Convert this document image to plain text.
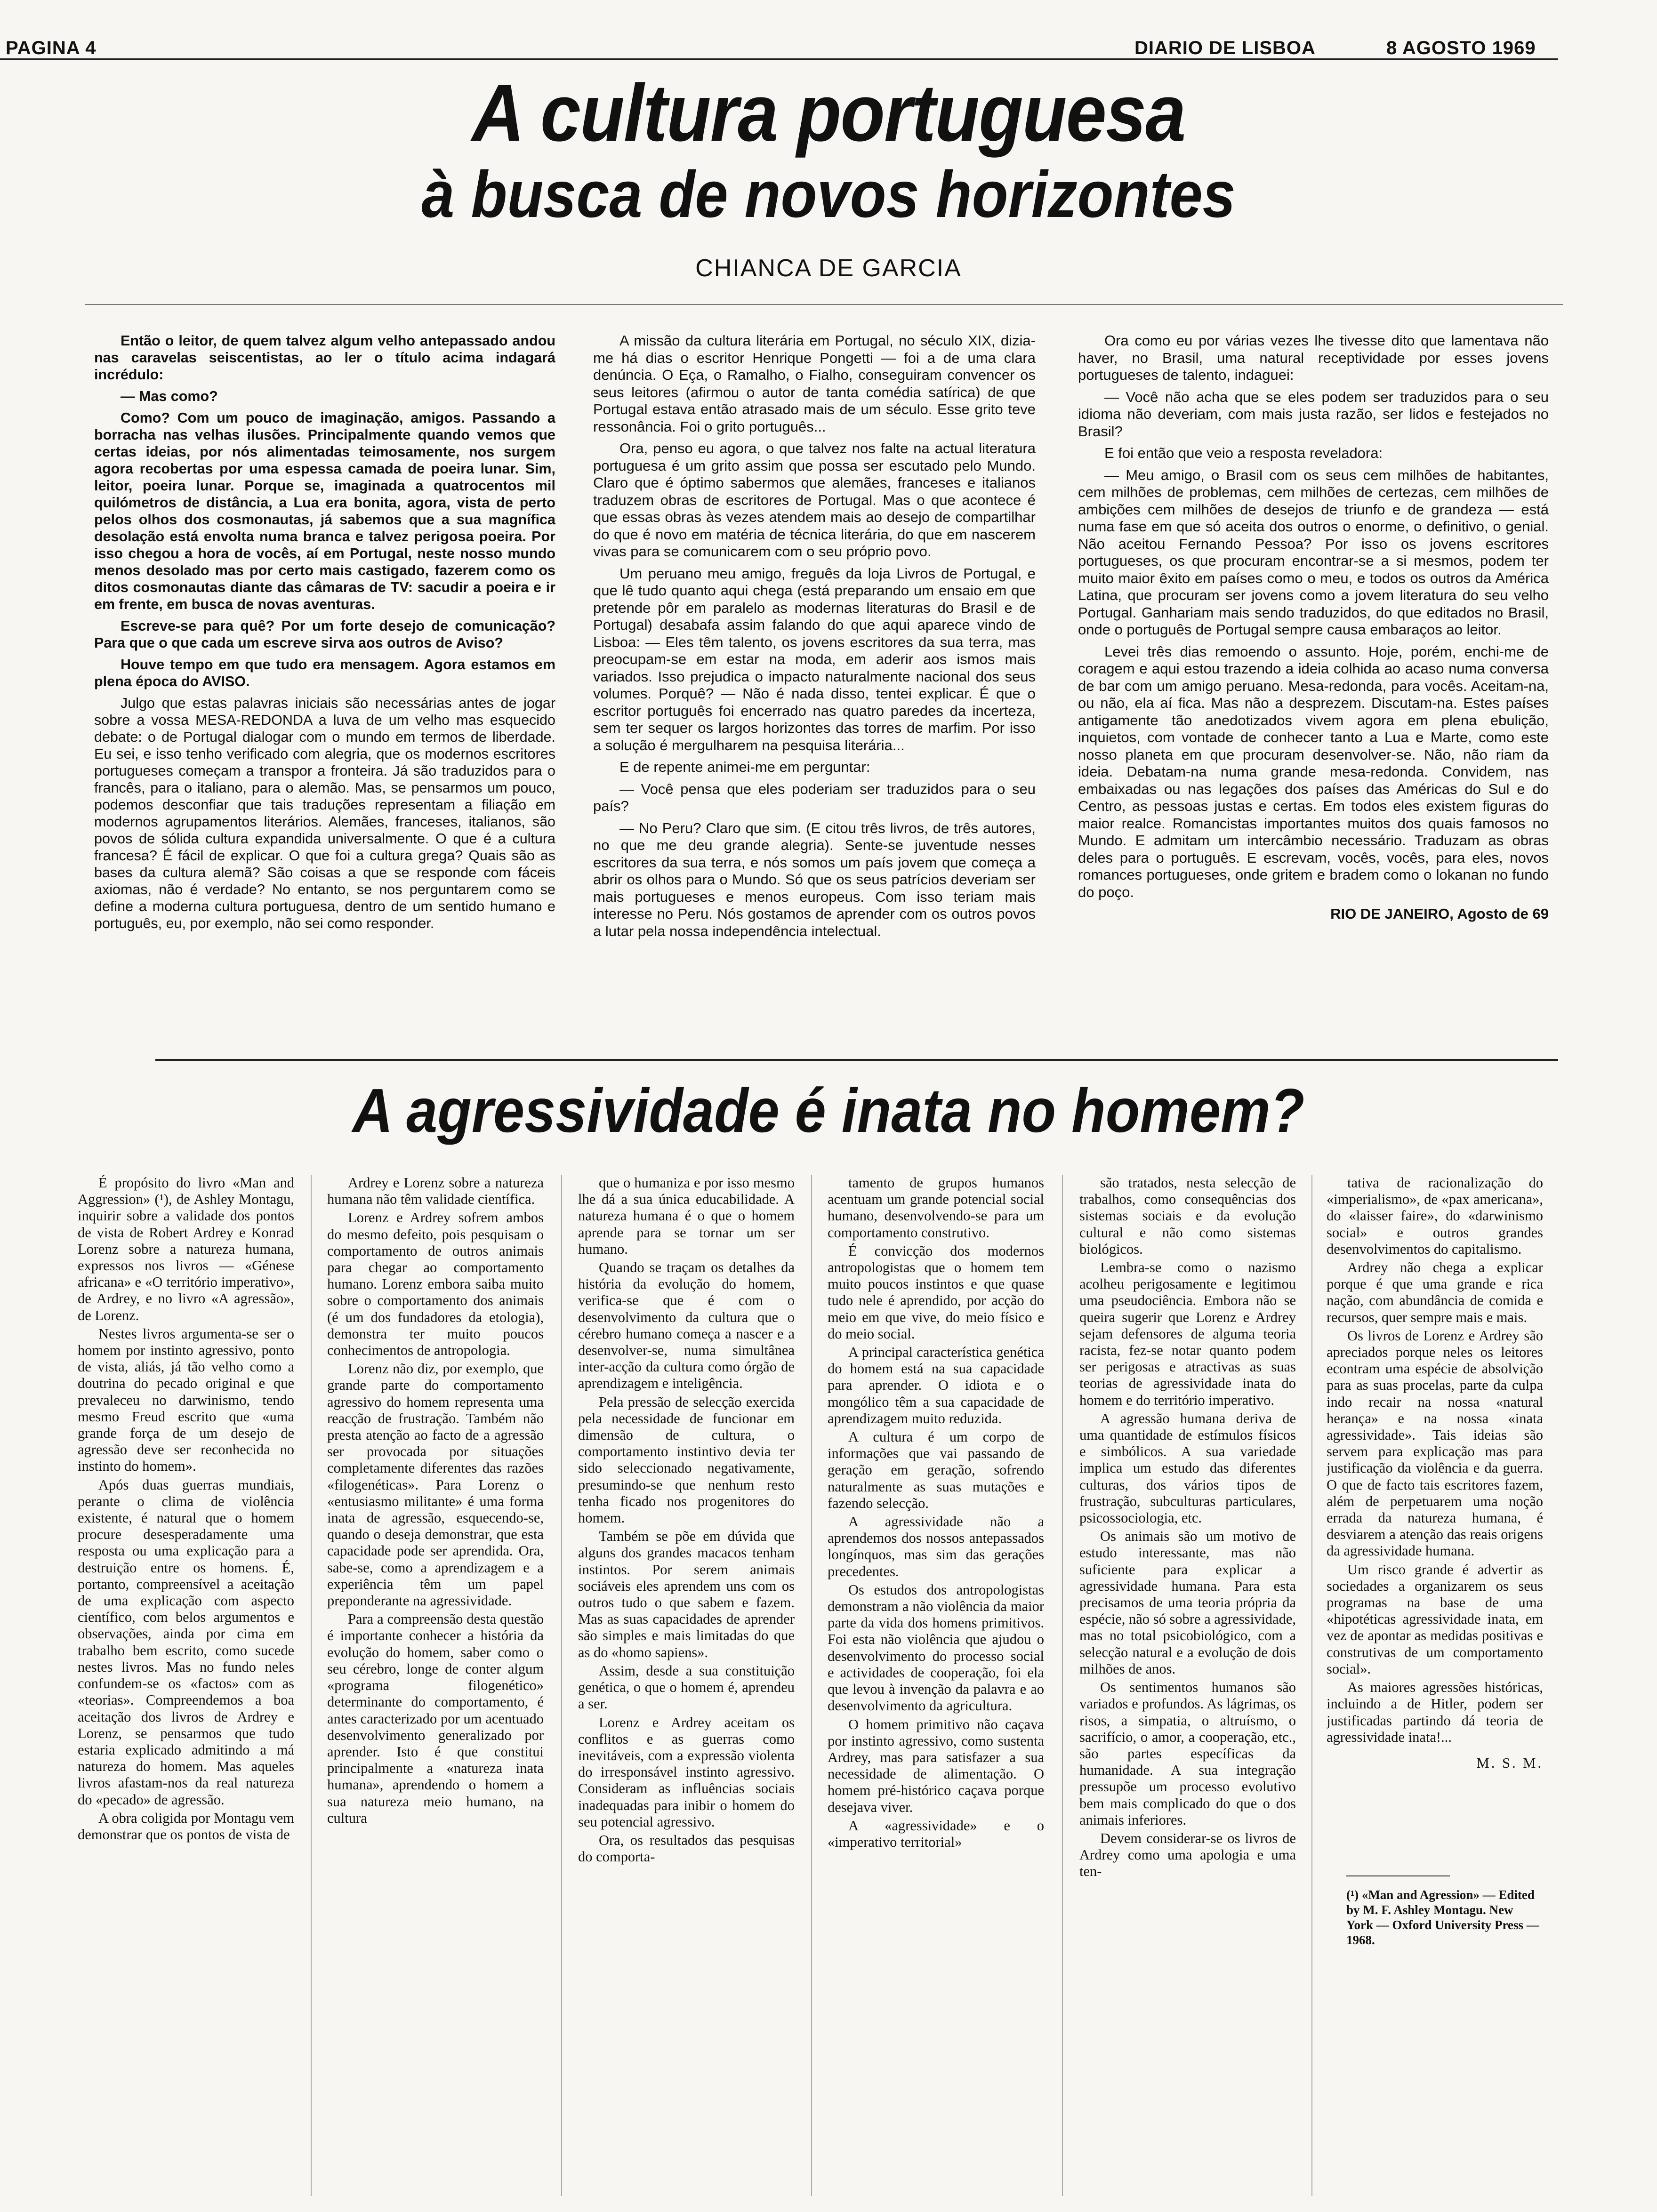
PAGINA 4	DIARIO DE LISBOA	8 AGOSTO 1969
A cultura portuguesa
à busca de novos horizontes
CHIANCA DE GARCIA

Então o leitor, de quem talvez algum velho antepassado andou nas caravelas seiscentistas, ao ler o título acima indagará incrédulo:

— Mas como?

Como? Com um pouco de imaginação, amigos. Passando a borracha nas velhas ilusões. Principalmente quando vemos que certas ideias, por nós alimentadas teimosamente, nos surgem agora recobertas por uma espessa camada de poeira lunar. Sim, leitor, poeira lunar. Porque se, imaginada a quatrocentos mil quilómetros de distância, a Lua era bonita, agora, vista de perto pelos olhos dos cosmonautas, já sabemos que a sua magnífica desolação está envolta numa branca e talvez perigosa poeira. Por isso chegou a hora de vocês, aí em Portugal, neste nosso mundo menos desolado mas por certo mais castigado, fazerem como os ditos cosmonautas diante das câmaras de TV: sacudir a poeira e ir em frente, em busca de novas aventuras.

Escreve-se para quê? Por um forte desejo de comunicação? Para que o que cada um escreve sirva aos outros de Aviso?

Houve tempo em que tudo era mensagem. Agora estamos em plena época do AVISO.

Julgo que estas palavras iniciais são necessárias antes de jogar sobre a vossa MESA-REDONDA a luva de um velho mas esquecido debate: o de Portugal dialogar com o mundo em termos de liberdade. Eu sei, e isso tenho verificado com alegria, que os modernos escritores portugueses começam a transpor a fronteira. Já são traduzidos para o francês, para o italiano, para o alemão. Mas, se pensarmos um pouco, podemos desconfiar que tais traduções representam a filiação em modernos agrupamentos literários. Alemães, franceses, italianos, são povos de sólida cultura expandida universalmente. O que é a cultura francesa? É fácil de explicar. O que foi a cultura grega? Quais são as bases da cultura alemã? São coisas a que se responde com fáceis axiomas, não é verdade? No entanto, se nos perguntarem como se define a moderna cultura portuguesa, dentro de um sentido humano e português, eu, por exemplo, não sei como responder.

A missão da cultura literária em Portugal, no século XIX, dizia-me há dias o escritor Henrique Pongetti — foi a de uma clara denúncia. O Eça, o Ramalho, o Fialho, conseguiram convencer os seus leitores (afirmou o autor de tanta comédia satírica) de que Portugal estava então atrasado mais de um século. Esse grito teve ressonância. Foi o grito português...

Ora, penso eu agora, o que talvez nos falte na actual literatura portuguesa é um grito assim que possa ser escutado pelo Mundo. Claro que é óptimo sabermos que alemães, franceses e italianos traduzem obras de escritores de Portugal. Mas o que acontece é que essas obras às vezes atendem mais ao desejo de compartilhar do que é novo em matéria de técnica literária, do que em nascerem vivas para se comunicarem com o seu próprio povo.

Um peruano meu amigo, freguês da loja Livros de Portugal, e que lê tudo quanto aqui chega (está preparando um ensaio em que pretende pôr em paralelo as modernas literaturas do Brasil e de Portugal) desabafa assim falando do que aqui aparece vindo de Lisboa: — Eles têm talento, os jovens escritores da sua terra, mas preocupam-se em estar na moda, em aderir aos ismos mais variados. Isso prejudica o impacto naturalmente nacional dos seus volumes. Porquê? — Não é nada disso, tentei explicar. É que o escritor português foi encerrado nas quatro paredes da incerteza, sem ter sequer os largos horizontes das torres de marfim. Por isso a solução é mergulharem na pesquisa literária...

E de repente animei-me em perguntar:

— Você pensa que eles poderiam ser traduzidos para o seu país?

— No Peru? Claro que sim. (E citou três livros, de três autores, no que me deu grande alegria). Sente-se juventude nesses escritores da sua terra, e nós somos um país jovem que começa a abrir os olhos para o Mundo. Só que os seus patrícios deveriam ser mais portugueses e menos europeus. Com isso teriam mais interesse no Peru. Nós gostamos de aprender com os outros povos a lutar pela nossa independência intelectual.

Ora como eu por várias vezes lhe tivesse dito que lamentava não haver, no Brasil, uma natural receptividade por esses jovens portugueses de talento, indaguei:

— Você não acha que se eles podem ser traduzidos para o seu idioma não deveriam, com mais justa razão, ser lidos e festejados no Brasil?

E foi então que veio a resposta reveladora:

— Meu amigo, o Brasil com os seus cem milhões de habitantes, cem milhões de problemas, cem milhões de certezas, cem milhões de ambições cem milhões de desejos de triunfo e de grandeza — está numa fase em que só aceita dos outros o enorme, o definitivo, o genial. Não aceitou Fernando Pessoa? Por isso os jovens escritores portugueses, os que procuram encontrar-se a si mesmos, podem ter muito maior êxito em países como o meu, e todos os outros da América Latina, que procuram ser jovens como a jovem literatura do seu velho Portugal. Ganhariam mais sendo traduzidos, do que editados no Brasil, onde o português de Portugal sempre causa embaraços ao leitor.

Levei três dias remoendo o assunto. Hoje, porém, enchi-me de coragem e aqui estou trazendo a ideia colhida ao acaso numa conversa de bar com um amigo peruano. Mesa-redonda, para vocês. Aceitam-na, ou não, ela aí fica. Mas não a desprezem. Discutam-na. Estes países antigamente tão anedotizados vivem agora em plena ebulição, inquietos, com vontade de conhecer tanto a Lua e Marte, como este nosso planeta em que procuram desenvolver-se. Não, não riam da ideia. Debatam-na numa grande mesa-redonda. Convidem, nas embaixadas ou nas legações dos países das Américas do Sul e do Centro, as pessoas justas e certas. Em todos eles existem figuras do maior realce. Romancistas importantes muitos dos quais famosos no Mundo. E admitam um intercâmbio necessário. Traduzam as obras deles para o português. E escrevam, vocês, vocês, para eles, novos romances portugueses, onde gritem e bradem como o lokanan no fundo do poço.

RIO DE JANEIRO, Agosto de 69
A agressividade é inata no homem?

É propósito do livro «Man and Aggression» (¹), de Ashley Montagu, inquirir sobre a validade dos pontos de vista de Robert Ardrey e Konrad Lorenz sobre a natureza humana, expressos nos livros — «Génese africana» e «O território imperativo», de Ardrey, e no livro «A agressão», de Lorenz.

Nestes livros argumenta-se ser o homem por instinto agressivo, ponto de vista, aliás, já tão velho como a doutrina do pecado original e que prevaleceu no darwinismo, tendo mesmo Freud escrito que «uma grande força de um desejo de agressão deve ser reconhecida no instinto do homem».

Após duas guerras mundiais, perante o clima de violência existente, é natural que o homem procure desesperadamente uma resposta ou uma explicação para a destruição entre os homens. É, portanto, compreensível a aceitação de uma explicação com aspecto científico, com belos argumentos e observações, ainda por cima em trabalho bem escrito, como sucede nestes livros. Mas no fundo neles confundem-se os «factos» com as «teorias». Compreendemos a boa aceitação dos livros de Ardrey e Lorenz, se pensarmos que tudo estaria explicado admitindo a má natureza do homem. Mas aqueles livros afastam-nos da real natureza do «pecado» de agressão.

A obra coligida por Montagu vem demonstrar que os pontos de vista de

Ardrey e Lorenz sobre a natureza humana não têm validade científica.

Lorenz e Ardrey sofrem ambos do mesmo defeito, pois pesquisam o comportamento de outros animais para chegar ao comportamento humano. Lorenz embora saiba muito sobre o comportamento dos animais (é um dos fundadores da etologia), demonstra ter muito poucos conhecimentos de antropologia.

Lorenz não diz, por exemplo, que grande parte do comportamento agressivo do homem representa uma reacção de frustração. Também não presta atenção ao facto de a agressão ser provocada por situações completamente diferentes das razões «filogenéticas». Para Lorenz o «entusiasmo militante» é uma forma inata de agressão, esquecendo-se, quando o deseja demonstrar, que esta capacidade pode ser aprendida. Ora, sabe-se, como a aprendizagem e a experiência têm um papel preponderante na agressividade.

Para a compreensão desta questão é importante conhecer a história da evolução do homem, saber como o seu cérebro, longe de conter algum «programa filogenético» determinante do comportamento, é antes caracterizado por um acentuado desenvolvimento generalizado por aprender. Isto é que constitui principalmente a «natureza inata humana», aprendendo o homem a sua natureza meio humano, na cultura

que o humaniza e por isso mesmo lhe dá a sua única educabilidade. A natureza humana é o que o homem aprende para se tornar um ser humano.

Quando se traçam os detalhes da história da evolução do homem, verifica-se que é com o desenvolvimento da cultura que o cérebro humano começa a nascer e a desenvolver-se, numa simultânea inter-acção da cultura como órgão de aprendizagem e inteligência.

Pela pressão de selecção exercida pela necessidade de funcionar em dimensão de cultura, o comportamento instintivo devia ter sido seleccionado negativamente, presumindo-se que nenhum resto tenha ficado nos progenitores do homem.

Também se põe em dúvida que alguns dos grandes macacos tenham instintos. Por serem animais sociáveis eles aprendem uns com os outros tudo o que sabem e fazem. Mas as suas capacidades de aprender são simples e mais limitadas do que as do «homo sapiens».

Assim, desde a sua constituição genética, o que o homem é, aprendeu a ser.

Lorenz e Ardrey aceitam os conflitos e as guerras como inevitáveis, com a expressão violenta do irresponsável instinto agressivo. Consideram as influências sociais inadequadas para inibir o homem do seu potencial agressivo.

Ora, os resultados das pesquisas do comporta-

tamento de grupos humanos acentuam um grande potencial social humano, desenvolvendo-se para um comportamento construtivo.

É convicção dos modernos antropologistas que o homem tem muito poucos instintos e que quase tudo nele é aprendido, por acção do meio em que vive, do meio físico e do meio social.

A principal característica genética do homem está na sua capacidade para aprender. O idiota e o mongólico têm a sua capacidade de aprendizagem muito reduzida.

A cultura é um corpo de informações que vai passando de geração em geração, sofrendo naturalmente as suas mutações e fazendo selecção.

A agressividade não a aprendemos dos nossos antepassados longínquos, mas sim das gerações precedentes.

Os estudos dos antropologistas demonstram a não violência da maior parte da vida dos homens primitivos. Foi esta não violência que ajudou o desenvolvimento do processo social e actividades de cooperação, foi ela que levou à invenção da palavra e ao desenvolvimento da agricultura.

O homem primitivo não caçava por instinto agressivo, como sustenta Ardrey, mas para satisfazer a sua necessidade de alimentação. O homem pré-histórico caçava porque desejava viver.

A «agressividade» e o «imperativo territorial»

são tratados, nesta selecção de trabalhos, como consequências dos sistemas sociais e da evolução cultural e não como sistemas biológicos.

Lembra-se como o nazismo acolheu perigosamente e legitimou uma pseudociência. Embora não se queira sugerir que Lorenz e Ardrey sejam defensores de alguma teoria racista, fez-se notar quanto podem ser perigosas e atractivas as suas teorias de agressividade inata do homem e do território imperativo.

A agressão humana deriva de uma quantidade de estímulos físicos e simbólicos. A sua variedade implica um estudo das diferentes culturas, dos vários tipos de frustração, subculturas particulares, psicossociologia, etc.

Os animais são um motivo de estudo interessante, mas não suficiente para explicar a agressividade humana. Para esta precisamos de uma teoria própria da espécie, não só sobre a agressividade, mas no total psicobiológico, com a selecção natural e a evolução de dois milhões de anos.

Os sentimentos humanos são variados e profundos. As lágrimas, os risos, a simpatia, o altruísmo, o sacrifício, o amor, a cooperação, etc., são partes específicas da humanidade. A sua integração pressupõe um processo evolutivo bem mais complicado do que o dos animais inferiores.

Devem considerar-se os livros de Ardrey como uma apologia e uma ten-

tativa de racionalização do «imperialismo», de «pax americana», do «laisser faire», do «darwinismo social» e outros grandes desenvolvimentos do capitalismo.

Ardrey não chega a explicar porque é que uma grande e rica nação, com abundância de comida e recursos, quer sempre mais e mais.

Os livros de Lorenz e Ardrey são apreciados porque neles os leitores econtram uma espécie de absolvição para as suas procelas, parte da culpa indo recair na nossa «natural herança» e na nossa «inata agressividade». Tais ideias são servem para explicação mas para justificação da violência e da guerra. O que de facto tais escritores fazem, além de perpetuarem uma noção errada da natureza humana, é desviarem a atenção das reais origens da agressividade humana.

Um risco grande é advertir as sociedades a organizarem os seus programas na base de uma «hipotéticas agressividade inata, em vez de apontar as medidas positivas e construtivas de um comportamento social».

As maiores agressões históricas, incluindo a de Hitler, podem ser justificadas partindo dá teoria de agressividade inata!...

M. S. M.
(¹) «Man and Agression» — Edited by M. F. Ashley Montagu. New York — Oxford University Press — 1968.
